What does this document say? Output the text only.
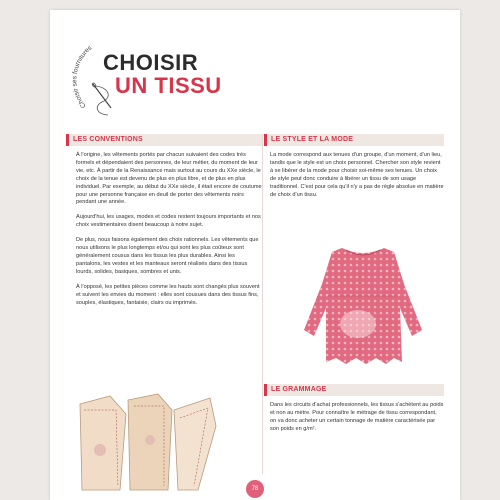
Choisir ses fournitures
CHOISIR
UN TISSU
LES CONVENTIONS

À l'origine, les vêtements portés par chacun suivaient des codes très formels et dépendaient des personnes, de leur métier, du moment de leur vie, etc. À partir de la Renaissance mais surtout au cours du XXe siècle, le choix de la tenue est devenu de plus en plus libre, et de plus en plus individuel. Par exemple, au début du XXe siècle, il était encore de coutume pour une personne française en deuil de porter des vêtements noirs pendant une année.

Aujourd'hui, les usages, modes et codes restent toujours importants et nos choix vestimentaires disent beaucoup à notre sujet.

De plus, nous faisons également des choix rationnels. Les vêtements que nous utilisons le plus longtemps et/ou qui sont les plus coûteux sont généralement cousus dans les tissus les plus durables. Ainsi les pantalons, les vestes et les manteaux seront réalisés dans des tissus lourds, solides, basiques, sombres et unis.

À l'opposé, les petites pièces comme les hauts sont changés plus souvent et suivent les envies du moment : elles sont cousues dans des tissus fins, souples, élastiques, fantaisie, clairs ou imprimés.

LE STYLE ET LA MODE

La mode correspond aux tenues d'un groupe, d'un moment, d'un lieu, tandis que le style est un choix personnel. Chercher son style revient à se libérer de la mode pour choisir soi-même ses tenues. Un choix de style peut donc conduire à libérer un tissu de son usage traditionnel. C'est pour cela qu'il n'y a pas de règle absolue en matière de choix d'un tissu.

LE GRAMMAGE

Dans les circuits d'achat professionnels, les tissus s'achètent au poids et non au mètre. Pour connaître le métrage de tissu correspondant, on va donc acheter un certain tonnage de matière caractérisée par son poids en g/m².

78
